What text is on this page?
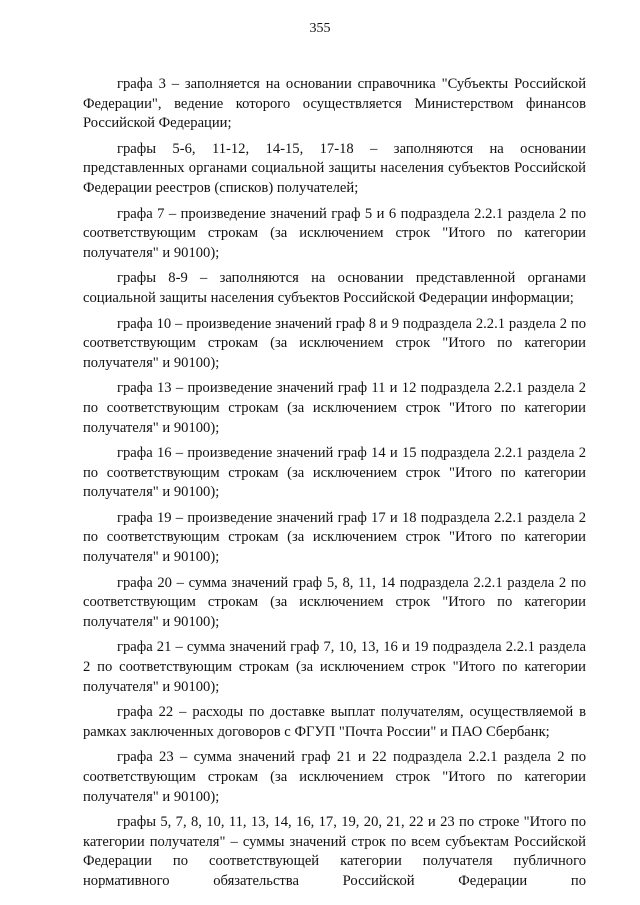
355

графа 3 – заполняется на основании справочника "Субъекты Российской Федерации", ведение которого осуществляется Министерством финансов Российской Федерации;

графы 5-6, 11-12, 14-15, 17-18 – заполняются на основании представленных органами социальной защиты населения субъектов Российской Федерации реестров (списков) получателей;

графа 7 – произведение значений граф 5 и 6 подраздела 2.2.1 раздела 2 по соответствующим строкам (за исключением строк "Итого по категории получателя" и 90100);

графы 8-9 – заполняются на основании представленной органами социальной защиты населения субъектов Российской Федерации информации;

графа 10 – произведение значений граф 8 и 9 подраздела 2.2.1 раздела 2 по соответствующим строкам (за исключением строк "Итого по категории получателя" и 90100);

графа 13 – произведение значений граф 11 и 12 подраздела 2.2.1 раздела 2 по соответствующим строкам (за исключением строк "Итого по категории получателя" и 90100);

графа 16 – произведение значений граф 14 и 15 подраздела 2.2.1 раздела 2 по соответствующим строкам (за исключением строк "Итого по категории получателя" и 90100);

графа 19 – произведение значений граф 17 и 18 подраздела 2.2.1 раздела 2 по соответствующим строкам (за исключением строк "Итого по категории получателя" и 90100);

графа 20 – сумма значений граф 5, 8, 11, 14 подраздела 2.2.1 раздела 2 по соответствующим строкам (за исключением строк "Итого по категории получателя" и 90100);

графа 21 – сумма значений граф 7, 10, 13, 16 и 19 подраздела 2.2.1 раздела 2 по соответствующим строкам (за исключением строк "Итого по категории получателя" и 90100);

графа 22 – расходы по доставке выплат получателям, осуществляемой в рамках заключенных договоров с ФГУП "Почта России" и ПАО Сбербанк;

графа 23 – сумма значений граф 21 и 22 подраздела 2.2.1 раздела 2 по соответствующим строкам (за исключением строк "Итого по категории получателя" и 90100);

графы 5, 7, 8, 10, 11, 13, 14, 16, 17, 19, 20, 21, 22 и 23 по строке "Итого по категории получателя" – суммы значений строк по всем субъектам Российской Федерации по соответствующей категории получателя публичного нормативного обязательства Российской Федерации по
